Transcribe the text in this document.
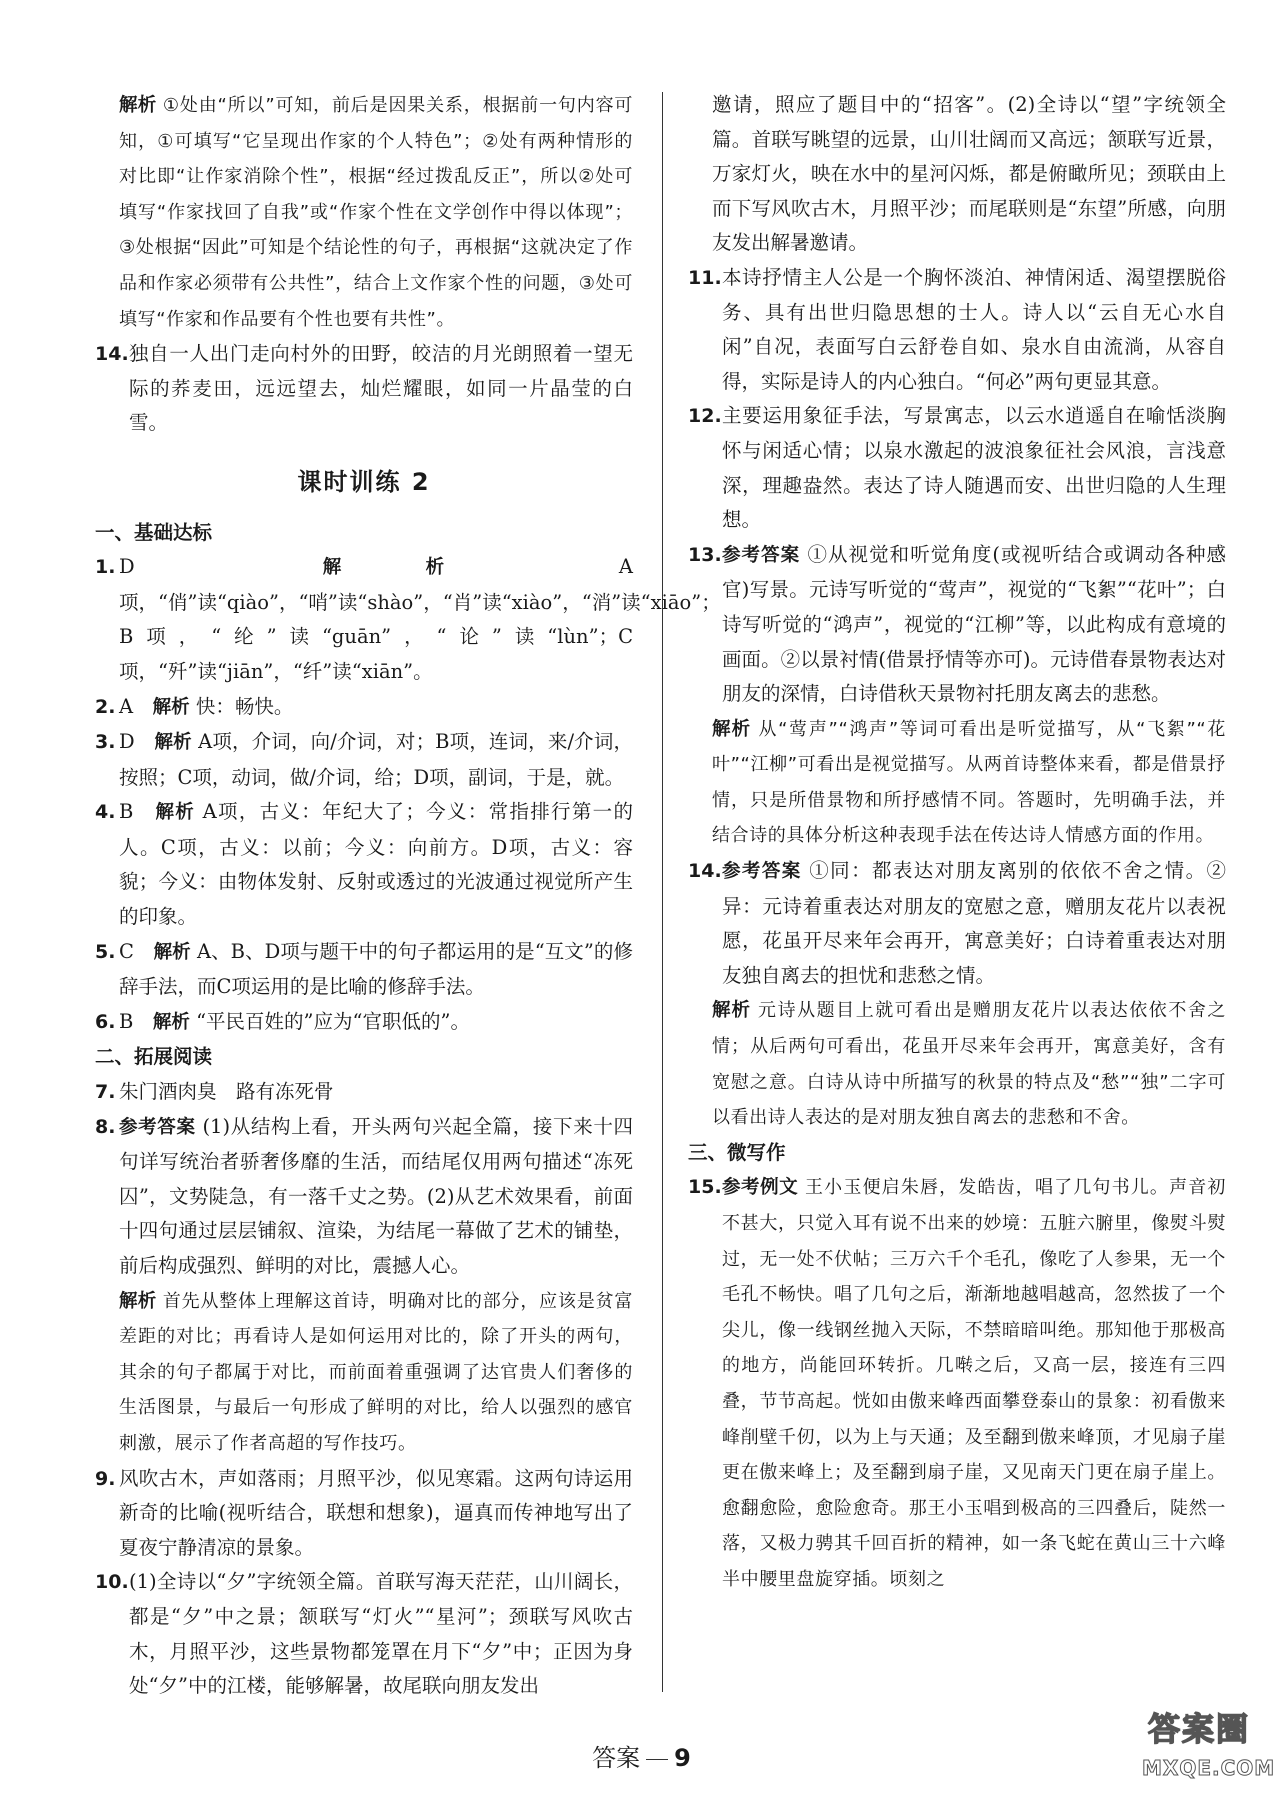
解析 ①处由“所以”可知，前后是因果关系，根据前一句内容可知，①可填写“它呈现出作家的个人特色”；②处有两种情形的对比即“让作家消除个性”，根据“经过拨乱反正”，所以②处可填写“作家找回了自我”或“作家个性在文学创作中得以体现”；③处根据“因此”可知是个结论性的句子，再根据“这就决定了作品和作家必须带有公共性”，结合上文作家个性的问题，③处可填写“作家和作品要有个性也要有共性”。

14. 独自一人出门走向村外的田野，皎洁的月光朗照着一望无际的荞麦田，远远望去，灿烂耀眼，如同一片晶莹的白雪。

课时训练 2

一、基础达标

1. D　	解析	A项，“俏”读“qiào”，“哨”读“shào”，“肖”读“xiào”，“消”读“xiāo”；B项，“纶”读“guān”，“论”读“lùn”；C项，“歼”读“jiān”，“纤”读“xiān”。

2. A　 解析 快：畅快。

3. D　 解析 A项，介词，向/介词，对；B项，连词，来/介词，按照；C项，动词，做/介词，给；D项，副词，于是，就。

4. B　 解析 A项，古义：年纪大了；今义：常指排行第一的人。C项，古义：以前；今义：向前方。D项，古义：容貌；今义：由物体发射、反射或透过的光波通过视觉所产生的印象。

5. C　 解析 A、B、D项与题干中的句子都运用的是“互文”的修辞手法，而C项运用的是比喻的修辞手法。

6. B　 解析 “平民百姓的”应为“官职低的”。

二、拓展阅读

7. 朱门酒肉臭　路有冻死骨

8. 参考答案 (1)从结构上看，开头两句兴起全篇，接下来十四句详写统治者骄奢侈靡的生活，而结尾仅用两句描述“冻死囚”，文势陡急，有一落千丈之势。(2)从艺术效果看，前面十四句通过层层铺叙、渲染，为结尾一幕做了艺术的铺垫，前后构成强烈、鲜明的对比，震撼人心。

解析 首先从整体上理解这首诗，明确对比的部分，应该是贫富差距的对比；再看诗人是如何运用对比的，除了开头的两句，其余的句子都属于对比，而前面着重强调了达官贵人们奢侈的生活图景，与最后一句形成了鲜明的对比，给人以强烈的感官刺激，展示了作者高超的写作技巧。

9. 风吹古木，声如落雨；月照平沙，似见寒霜。这两句诗运用新奇的比喻(视听结合，联想和想象)，逼真而传神地写出了夏夜宁静清凉的景象。

10. (1)全诗以“夕”字统领全篇。首联写海天茫茫，山川阔长，都是“夕”中之景；颔联写“灯火”“星河”；颈联写风吹古木，月照平沙，这些景物都笼罩在月下“夕”中；正因为身处“夕”中的江楼，能够解暑，故尾联向朋友发出

邀请，照应了题目中的“招客”。(2)全诗以“望”字统领全篇。首联写眺望的远景，山川壮阔而又高远；颔联写近景，万家灯火，映在水中的星河闪烁，都是俯瞰所见；颈联由上而下写风吹古木，月照平沙；而尾联则是“东望”所感，向朋友发出解暑邀请。

11. 本诗抒情主人公是一个胸怀淡泊、神情闲适、渴望摆脱俗务、具有出世归隐思想的士人。诗人以“云自无心水自闲”自况，表面写白云舒卷自如、泉水自由流淌，从容自得，实际是诗人的内心独白。“何必”两句更显其意。

12. 主要运用象征手法，写景寓志，以云水逍遥自在喻恬淡胸怀与闲适心情；以泉水激起的波浪象征社会风浪，言浅意深，理趣盎然。表达了诗人随遇而安、出世归隐的人生理想。

13. 参考答案 ①从视觉和听觉角度(或视听结合或调动各种感官)写景。元诗写听觉的“莺声”，视觉的“飞絮”“花叶”；白诗写听觉的“鸿声”，视觉的“江柳”等，以此构成有意境的画面。②以景衬情(借景抒情等亦可)。元诗借春景物表达对朋友的深情，白诗借秋天景物衬托朋友离去的悲愁。

解析 从“莺声”“鸿声”等词可看出是听觉描写，从“飞絮”“花叶”“江柳”可看出是视觉描写。从两首诗整体来看，都是借景抒情，只是所借景物和所抒感情不同。答题时，先明确手法，并结合诗的具体分析这种表现手法在传达诗人情感方面的作用。

14. 参考答案 ①同：都表达对朋友离别的依依不舍之情。②异：元诗着重表达对朋友的宽慰之意，赠朋友花片以表祝愿，花虽开尽来年会再开，寓意美好；白诗着重表达对朋友独自离去的担忧和悲愁之情。

解析 元诗从题目上就可看出是赠朋友花片以表达依依不舍之情；从后两句可看出，花虽开尽来年会再开，寓意美好，含有宽慰之意。白诗从诗中所描写的秋景的特点及“愁”“独”二字可以看出诗人表达的是对朋友独自离去的悲愁和不舍。

三、微写作

15. 参考例文 王小玉便启朱唇，发皓齿，唱了几句书儿。声音初不甚大，只觉入耳有说不出来的妙境：五脏六腑里，像熨斗熨过，无一处不伏帖；三万六千个毛孔，像吃了人参果，无一个毛孔不畅快。唱了几句之后，渐渐地越唱越高，忽然拔了一个尖儿，像一线钢丝抛入天际，不禁暗暗叫绝。那知他于那极高的地方，尚能回环转折。几啭之后，又高一层，接连有三四叠，节节高起。恍如由傲来峰西面攀登泰山的景象：初看傲来峰削壁千仞，以为上与天通；及至翻到傲来峰顶，才见扇子崖更在傲来峰上；及至翻到扇子崖，又见南天门更在扇子崖上。愈翻愈险，愈险愈奇。那王小玉唱到极高的三四叠后，陡然一落，又极力骋其千回百折的精神，如一条飞蛇在黄山三十六峰半中腰里盘旋穿插。顷刻之

答案 9
答案圈
MXQE.COM
